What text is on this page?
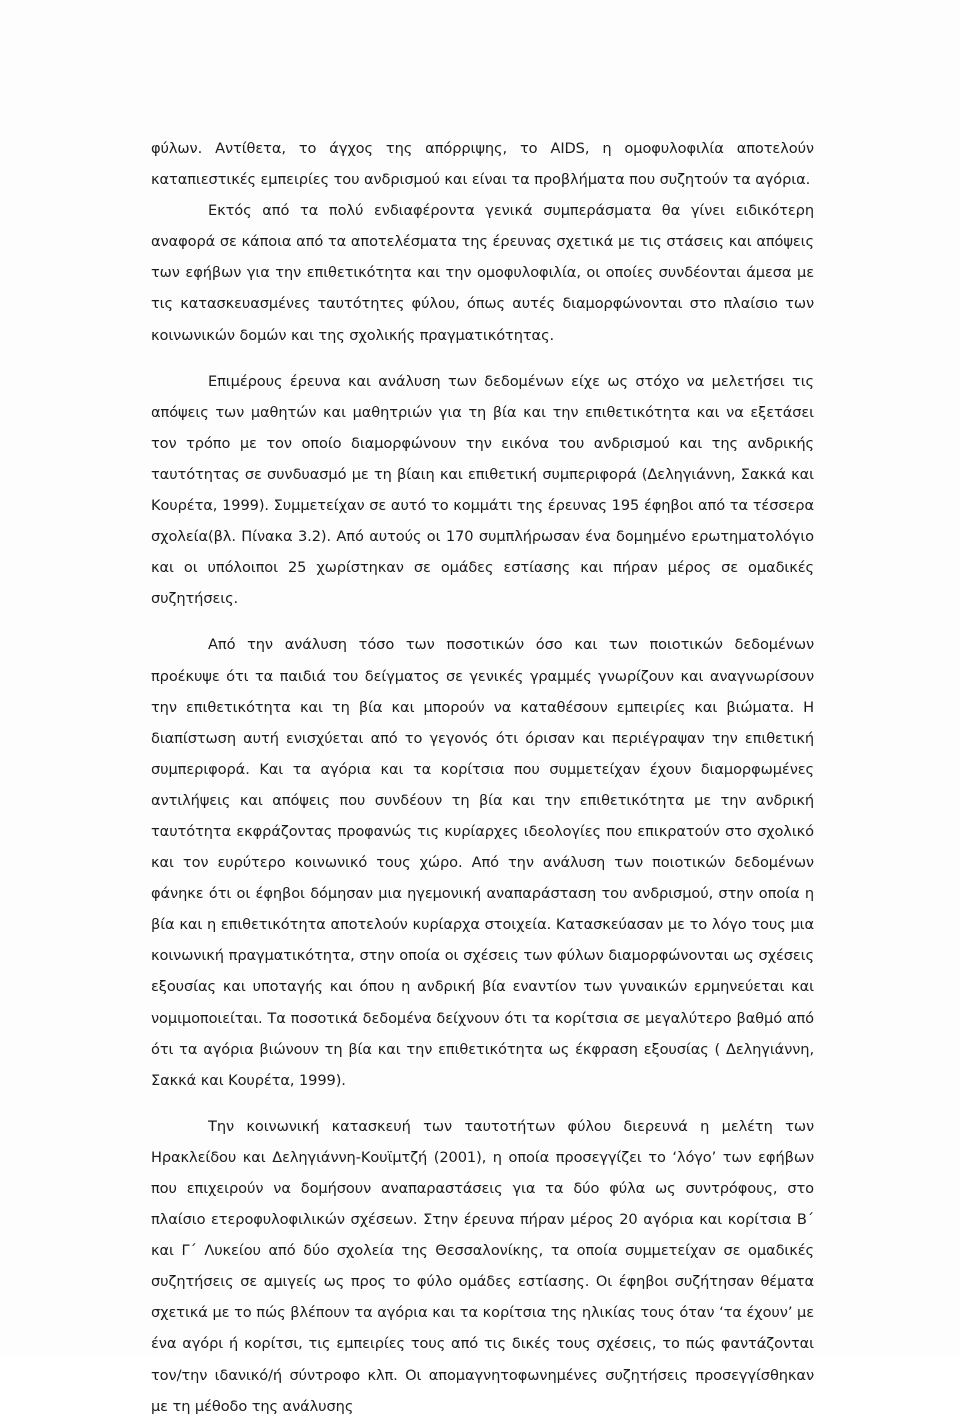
φύλων. Αντίθετα, το άγχος της απόρριψης, το AIDS, η ομοφυλοφιλία αποτελούν καταπιεστικές εμπειρίες του ανδρισμού και είναι τα προβλήματα που συζητούν τα αγόρια.

Εκτός από τα πολύ ενδιαφέροντα γενικά συμπεράσματα θα γίνει ειδικότερη αναφορά σε κάποια από τα αποτελέσματα της έρευνας σχετικά με τις στάσεις και απόψεις των εφήβων για την επιθετικότητα και την ομοφυλοφιλία, οι οποίες συνδέονται άμεσα με τις κατασκευασμένες ταυτότητες φύλου, όπως αυτές διαμορφώνονται στο πλαίσιο των κοινωνικών δομών και της σχολικής πραγματικότητας.

Επιμέρους έρευνα και ανάλυση των δεδομένων είχε ως στόχο να μελετήσει τις απόψεις των μαθητών και μαθητριών για τη βία και την επιθετικότητα και να εξετάσει τον τρόπο με τον οποίο διαμορφώνουν την εικόνα του ανδρισμού και της ανδρικής ταυτότητας σε συνδυασμό με τη βίαιη και επιθετική συμπεριφορά (Δεληγιάννη, Σακκά και Κουρέτα, 1999). Συμμετείχαν σε αυτό το κομμάτι της έρευνας 195 έφηβοι από τα τέσσερα σχολεία(βλ. Πίνακα 3.2). Από αυτούς οι 170 συμπλήρωσαν ένα δομημένο ερωτηματολόγιο και οι υπόλοιποι 25 χωρίστηκαν σε ομάδες εστίασης και πήραν μέρος σε ομαδικές συζητήσεις.

Από την ανάλυση τόσο των ποσοτικών όσο και των ποιοτικών δεδομένων προέκυψε ότι τα παιδιά του δείγματος σε γενικές γραμμές γνωρίζουν και αναγνωρίσουν την επιθετικότητα και τη βία και μπορούν να καταθέσουν εμπειρίες και βιώματα. Η διαπίστωση αυτή ενισχύεται από το γεγονός ότι όρισαν και περιέγραψαν την επιθετική συμπεριφορά. Και τα αγόρια και τα κορίτσια που συμμετείχαν έχουν διαμορφωμένες αντιλήψεις και απόψεις που συνδέουν τη βία και την επιθετικότητα με την ανδρική ταυτότητα εκφράζοντας προφανώς τις κυρίαρχες ιδεολογίες που επικρατούν στο σχολικό και τον ευρύτερο κοινωνικό τους χώρο. Από την ανάλυση των ποιοτικών δεδομένων φάνηκε ότι οι έφηβοι δόμησαν μια ηγεμονική αναπαράσταση του ανδρισμού, στην οποία η βία και η επιθετικότητα αποτελούν κυρίαρχα στοιχεία. Κατασκεύασαν με το λόγο τους μια κοινωνική πραγματικότητα, στην οποία οι σχέσεις των φύλων διαμορφώνονται ως σχέσεις εξουσίας και υποταγής και όπου η ανδρική βία εναντίον των γυναικών ερμηνεύεται και νομιμοποιείται. Τα ποσοτικά δεδομένα δείχνουν ότι τα κορίτσια σε μεγαλύτερο βαθμό από ότι τα αγόρια βιώνουν τη βία και την επιθετικότητα ως έκφραση εξουσίας ( Δεληγιάννη, Σακκά και Κουρέτα, 1999).

Την κοινωνική κατασκευή των ταυτοτήτων φύλου διερευνά η μελέτη των Ηρακλείδου και Δεληγιάννη-Κουϊμτζή (2001), η οποία προσεγγίζει το ‘λόγο’ των εφήβων που επιχειρούν να δομήσουν αναπαραστάσεις για τα δύο φύλα ως συντρόφους, στο πλαίσιο ετεροφυλοφιλικών σχέσεων. Στην έρευνα πήραν μέρος 20 αγόρια και κορίτσια Β΄ και Γ΄ Λυκείου από δύο σχολεία της Θεσσαλονίκης, τα οποία συμμετείχαν σε ομαδικές συζητήσεις σε αμιγείς ως προς το φύλο ομάδες εστίασης. Οι έφηβοι συζήτησαν θέματα σχετικά με το πώς βλέπουν τα αγόρια και τα κορίτσια της ηλικίας τους όταν ‘τα έχουν’ με ένα αγόρι ή κορίτσι, τις εμπειρίες τους από τις δικές τους σχέσεις, το πώς φαντάζονται τον/την ιδανικό/ή σύντροφο κλπ. Οι απομαγνητοφωνημένες συζητήσεις προσεγγίσθηκαν με τη μέθοδο της ανάλυσης
